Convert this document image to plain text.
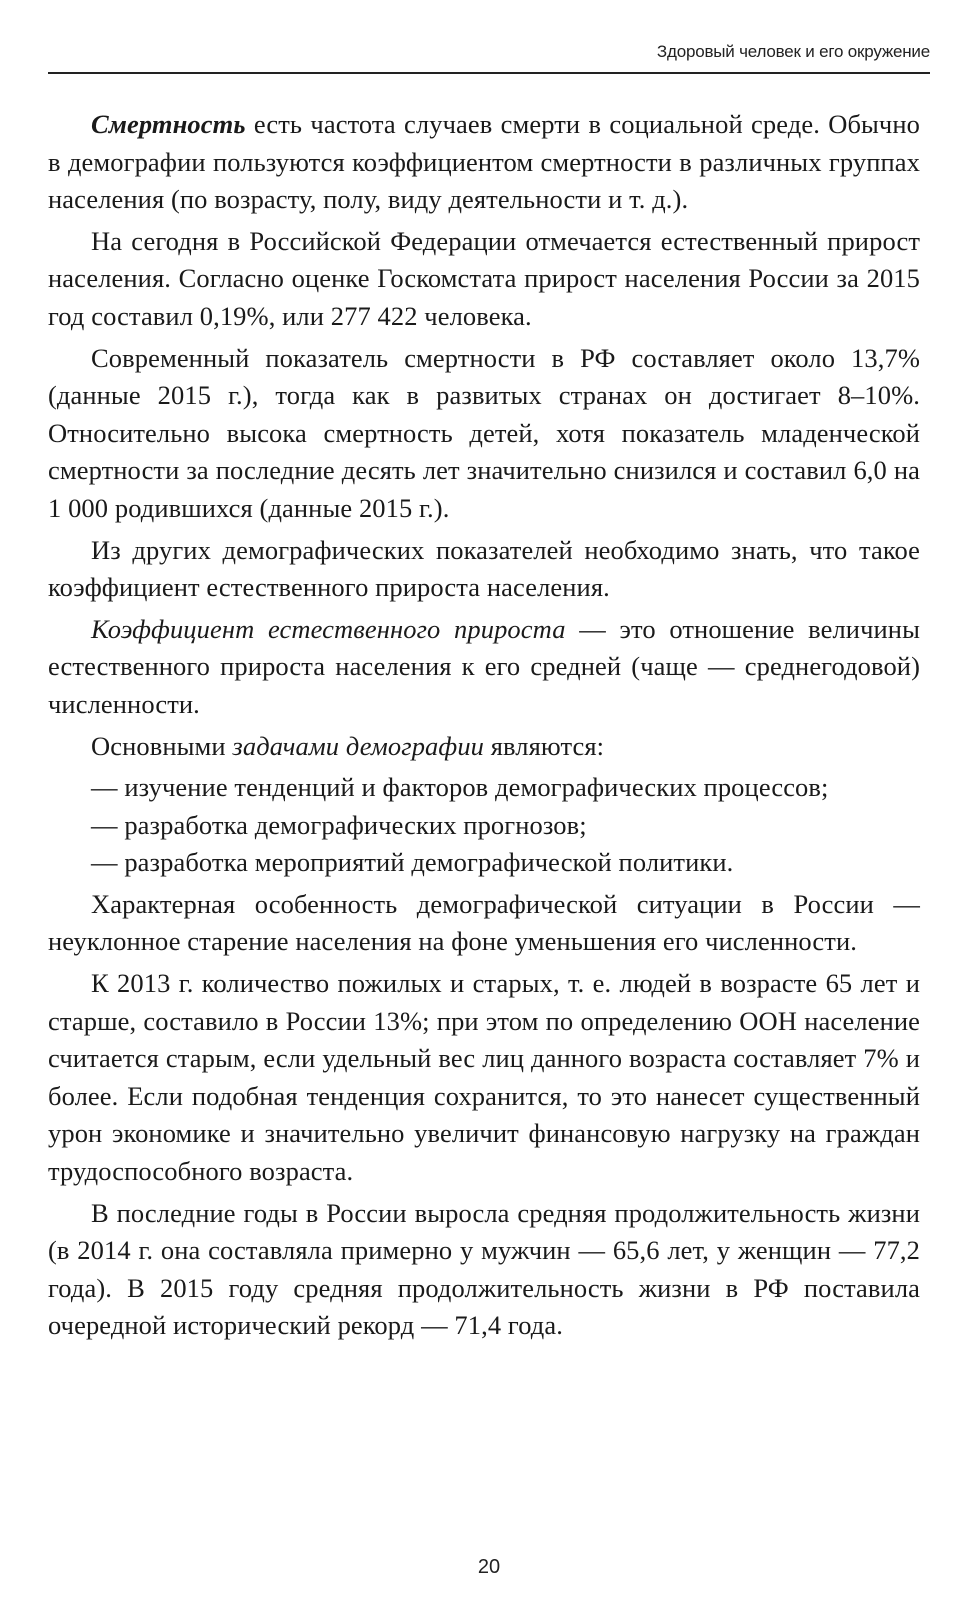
Здоровый человек и его окружение

Смертность есть частота случаев смерти в социальной среде. Обычно в демографии пользуются коэффициентом смертности в различных группах населения (по возрасту, полу, виду деятельности и т. д.).

На сегодня в Российской Федерации отмечается естественный прирост населения. Согласно оценке Госкомстата прирост населения России за 2015 год составил 0,19%, или 277 422 человека.

Современный показатель смертности в РФ составляет около 13,7% (данные 2015 г.), тогда как в развитых странах он достигает 8–10%. Относительно высока смертность детей, хотя показатель младенческой смертности за последние десять лет значительно снизился и составил 6,0 на 1 000 родившихся (данные 2015 г.).

Из других демографических показателей необходимо знать, что такое коэффициент естественного прироста населения.

Коэффициент естественного прироста — это отношение величины естественного прироста населения к его средней (чаще — среднегодовой) численности.

Основными задачами демографии являются:

— изучение тенденций и факторов демографических процессов;

— разработка демографических прогнозов;

— разработка мероприятий демографической политики.

Характерная особенность демографической ситуации в России — неуклонное старение населения на фоне уменьшения его численности.

К 2013 г. количество пожилых и старых, т. е. людей в возрасте 65 лет и старше, составило в России 13%; при этом по определению ООН население считается старым, если удельный вес лиц данного возраста составляет 7% и более. Если подобная тенденция сохранится, то это нанесет существенный урон экономике и значительно увеличит финансовую нагрузку на граждан трудоспособного возраста.

В последние годы в России выросла средняя продолжительность жизни (в 2014 г. она составляла примерно у мужчин — 65,6 лет, у женщин — 77,2 года). В 2015 году средняя продолжительность жизни в РФ поставила очередной исторический рекорд — 71,4 года.

20
